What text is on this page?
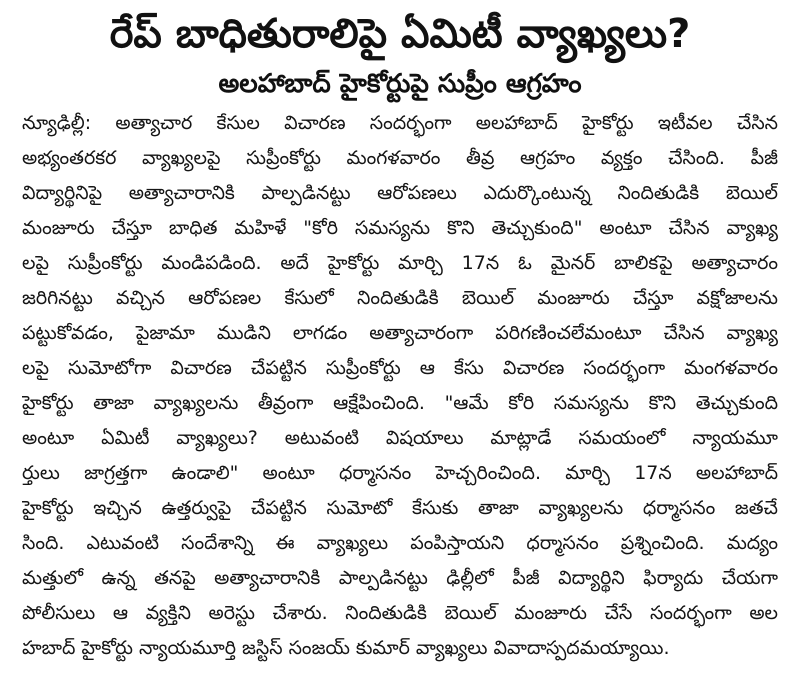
రేప్ బాధితురాలిపై ఏమిటీ వ్యాఖ్యలు?
అలహాబాద్ హైకోర్టుపై సుప్రీం ఆగ్రహం
న్యూఢిల్లీ: అత్యాచార కేసుల విచారణ సందర్భంగా అలహాబాద్ హైకోర్టు ఇటీవల చేసిన
అభ్యంతరకర వ్యాఖ్యలపై సుప్రీంకోర్టు మంగళవారం తీవ్ర ఆగ్రహం వ్యక్తం చేసింది. పీజీ
విద్యార్థినిపై అత్యాచారానికి పాల్పడినట్టు ఆరోపణలు ఎదుర్కొంటున్న నిందితుడికి బెయిల్
మంజూరు చేస్తూ బాధిత మహిళే "కోరి సమస్యను కొని తెచ్చుకుంది" అంటూ చేసిన వ్యాఖ్య
లపై సుప్రీంకోర్టు మండిపడింది. అదే హైకోర్టు మార్చి 17న ఓ మైనర్ బాలికపై అత్యాచారం
జరిగినట్టు వచ్చిన ఆరోపణల కేసులో నిందితుడికి బెయిల్ మంజూరు చేస్తూ వక్షోజాలను
పట్టుకోవడం, పైజామా ముడిని లాగడం అత్యాచారంగా పరిగణించలేమంటూ చేసిన వ్యాఖ్య
లపై సుమోటోగా విచారణ చేపట్టిన సుప్రీంకోర్టు ఆ కేసు విచారణ సందర్భంగా మంగళవారం
హైకోర్టు తాజా వ్యాఖ్యలను తీవ్రంగా ఆక్షేపించింది. "ఆమే కోరి సమస్యను కొని తెచ్చుకుంది
అంటూ ఏమిటీ వ్యాఖ్యలు? అటువంటి విషయాలు మాట్లాడే సమయంలో న్యాయమూ
ర్తులు జాగ్రత్తగా ఉండాలి" అంటూ ధర్మాసనం హెచ్చరించింది. మార్చి 17న అలహాబాద్
హైకోర్టు ఇచ్చిన ఉత్తర్వుపై చేపట్టిన సుమోటో కేసుకు తాజా వ్యాఖ్యలను ధర్మాసనం జతచే
సింది. ఎటువంటి సందేశాన్ని ఈ వ్యాఖ్యలు పంపిస్తాయని ధర్మాసనం ప్రశ్నించింది. మద్యం
మత్తులో ఉన్న తనపై అత్యాచారానికి పాల్పడినట్టు ఢిల్లీలో పీజీ విద్యార్థిని ఫిర్యాదు చేయగా
పోలీసులు ఆ వ్యక్తిని అరెస్టు చేశారు. నిందితుడికి బెయిల్ మంజూరు చేసే సందర్భంగా అల
హబాద్ హైకోర్టు న్యాయమూర్తి జస్టిస్ సంజయ్ కుమార్ వ్యాఖ్యలు వివాదాస్పదమయ్యాయి.
